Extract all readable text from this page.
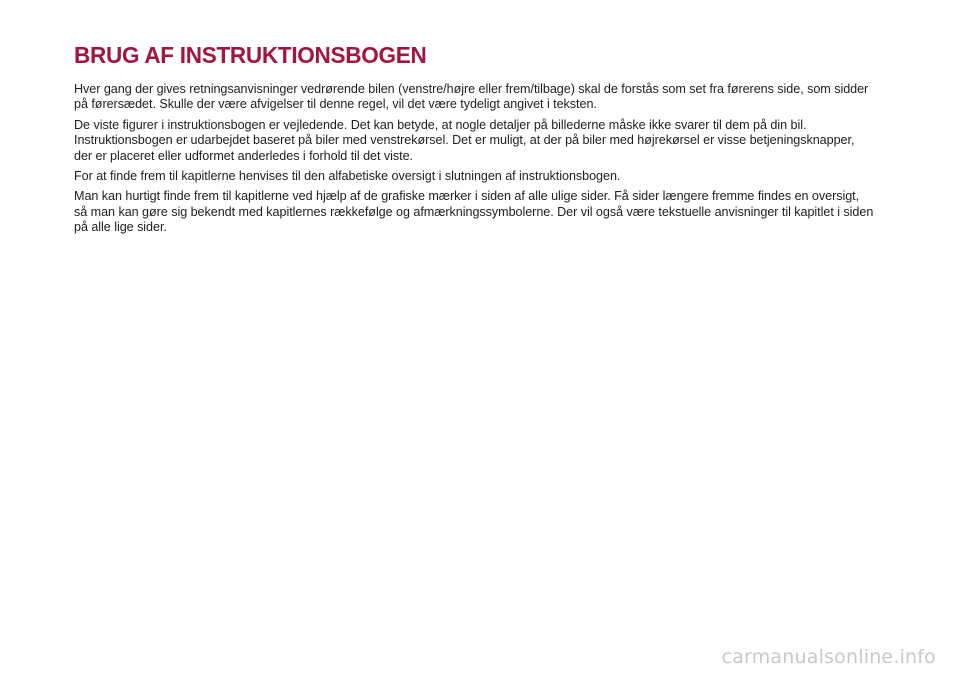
BRUG AF INSTRUKTIONSBOGEN

Hver gang der gives retningsanvisninger vedrørende bilen (venstre/højre eller frem/tilbage) skal de forstås som set fra førerens side, som sidder på førersædet. Skulle der være afvigelser til denne regel, vil det være tydeligt angivet i teksten.

De viste figurer i instruktionsbogen er vejledende. Det kan betyde, at nogle detaljer på billederne måske ikke svarer til dem på din bil. Instruktionsbogen er udarbejdet baseret på biler med venstrekørsel. Det er muligt, at der på biler med højrekørsel er visse betjeningsknapper, der er placeret eller udformet anderledes i forhold til det viste.

For at finde frem til kapitlerne henvises til den alfabetiske oversigt i slutningen af instruktionsbogen.

Man kan hurtigt finde frem til kapitlerne ved hjælp af de grafiske mærker i siden af alle ulige sider. Få sider længere fremme findes en oversigt, så man kan gøre sig bekendt med kapitlernes rækkefølge og afmærkningssymbolerne. Der vil også være tekstuelle anvisninger til kapitlet i siden på alle lige sider.

carmanualsonline.info
